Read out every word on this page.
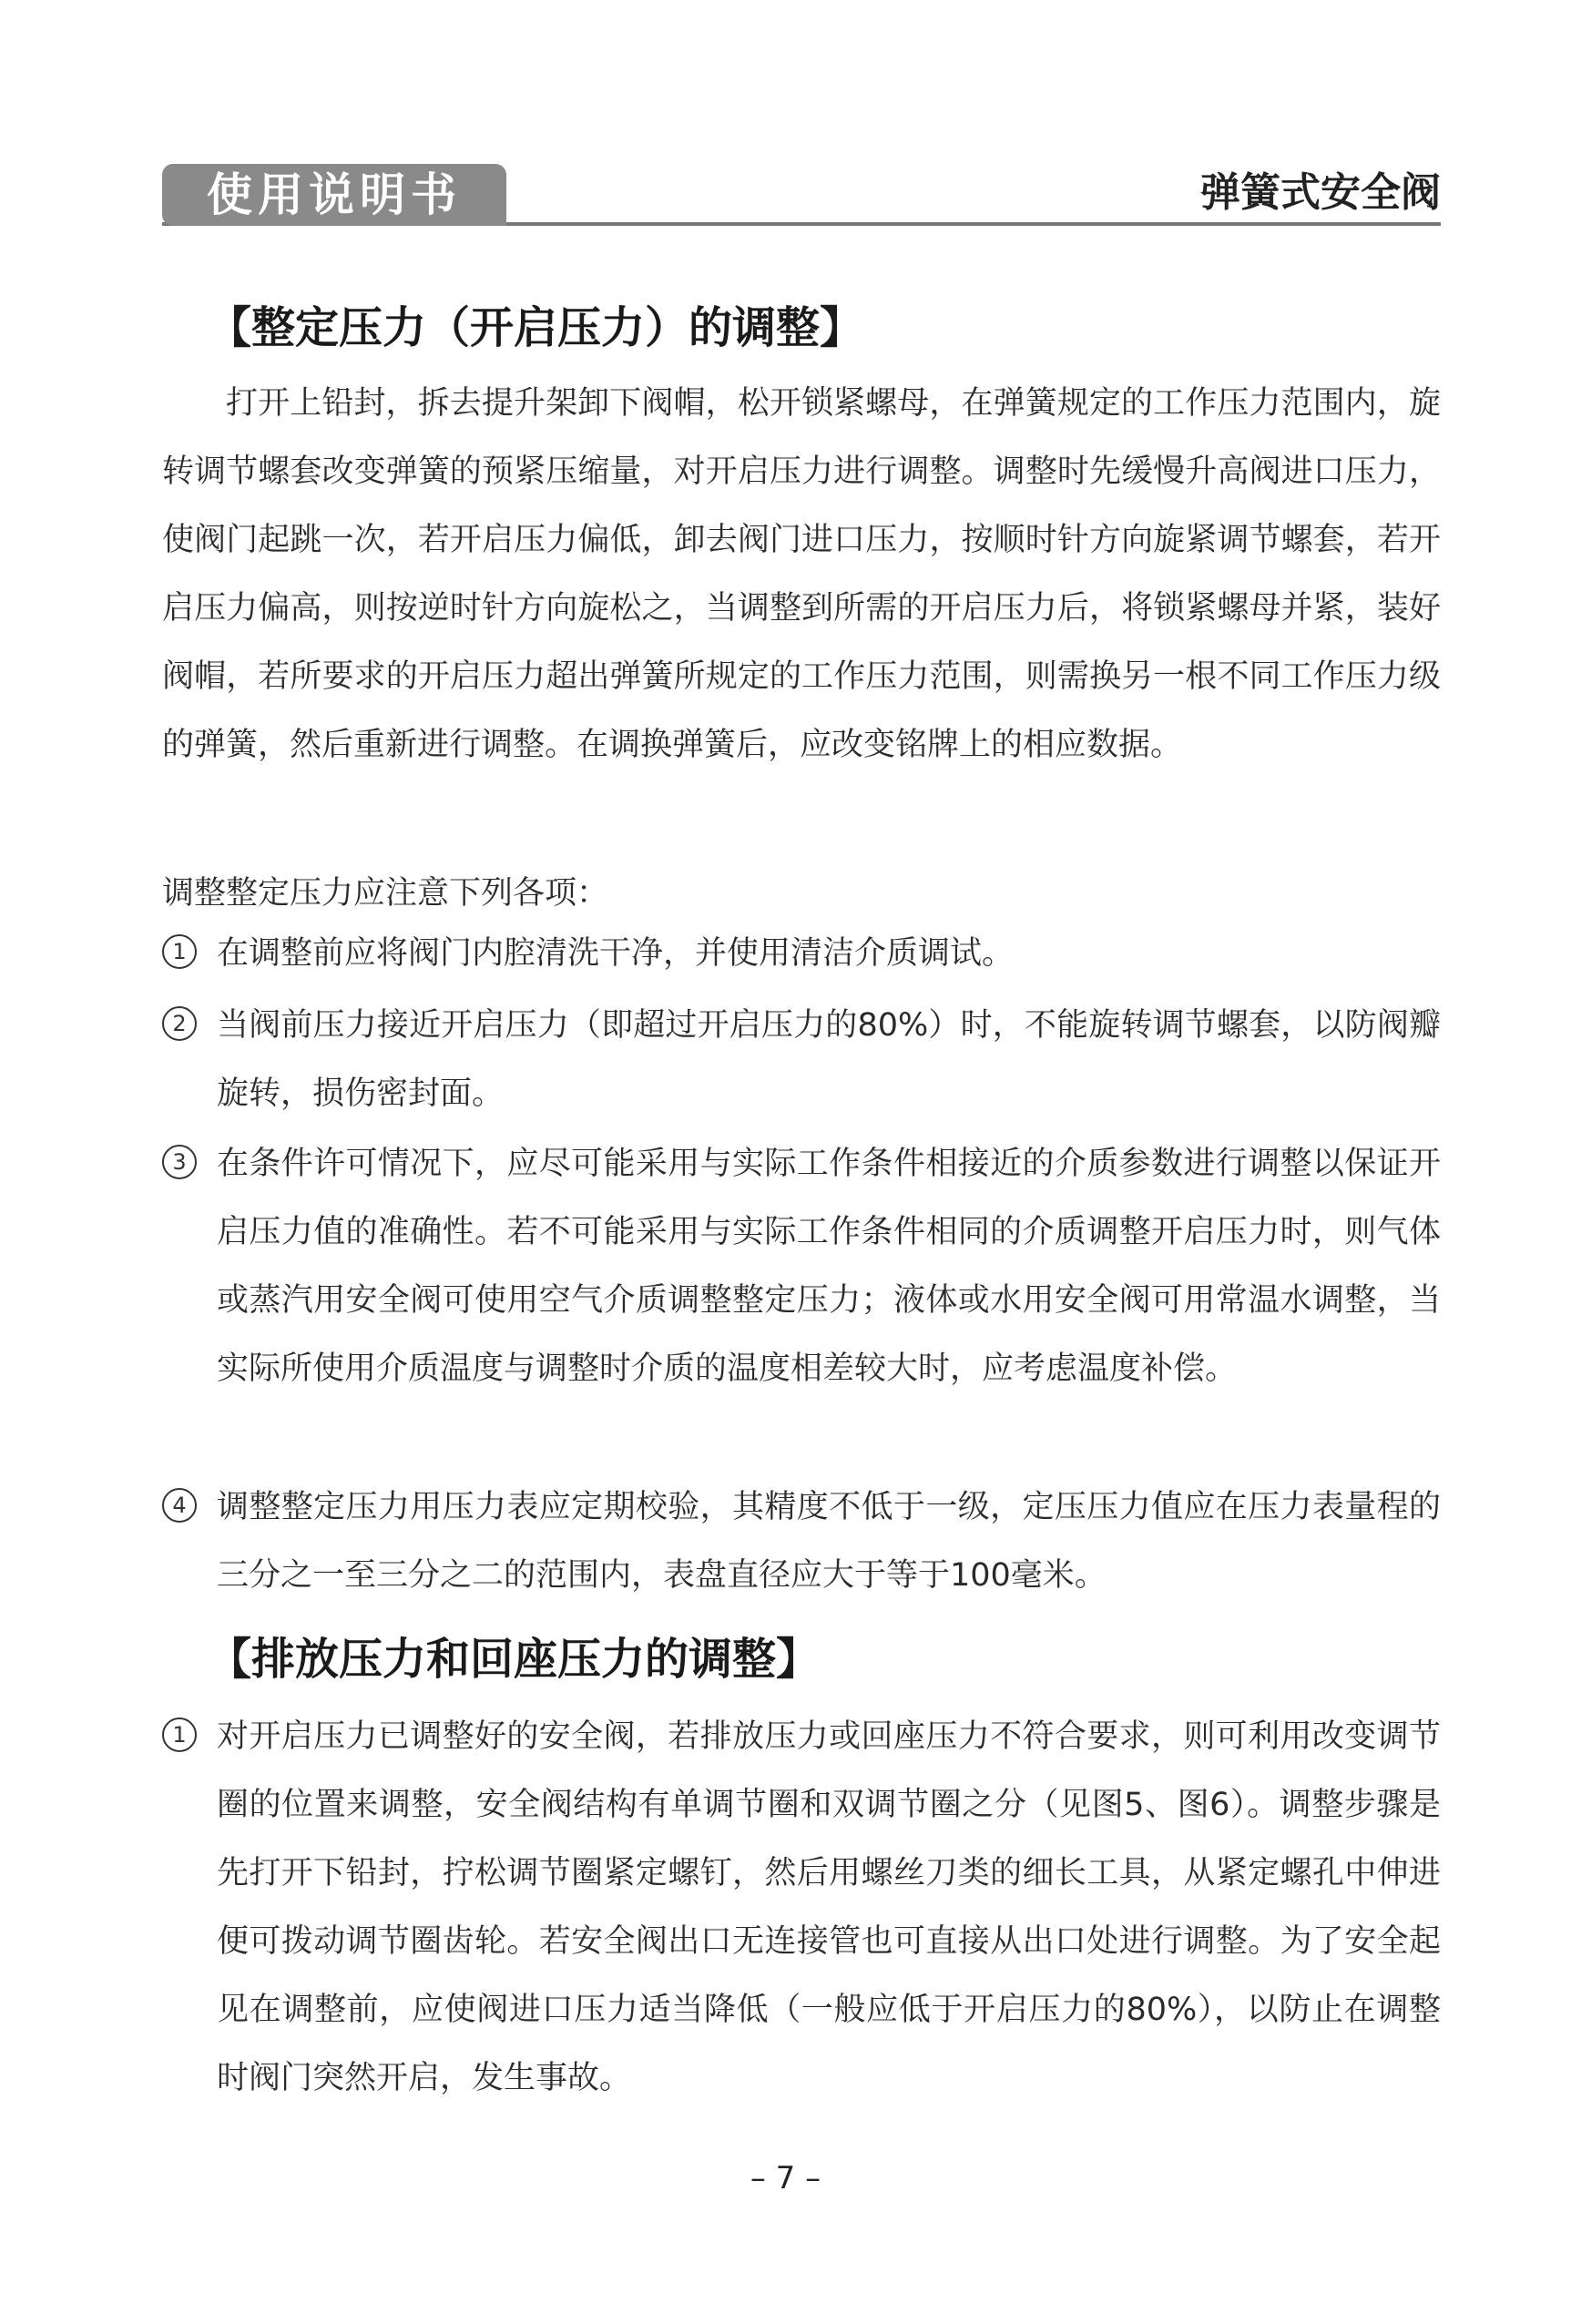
使用说明书	弹簧式安全阀
【整定压力（开启压力）的调整】
打开上铅封，拆去提升架卸下阀帽，松开锁紧螺母，在弹簧规定的工作压力范围内，旋转调节螺套改变弹簧的预紧压缩量，对开启压力进行调整。调整时先缓慢升高阀进口压力，使阀门起跳一次，若开启压力偏低，卸去阀门进口压力，按顺时针方向旋紧调节螺套，若开启压力偏高，则按逆时针方向旋松之，当调整到所需的开启压力后，将锁紧螺母并紧，装好阀帽，若所要求的开启压力超出弹簧所规定的工作压力范围，则需换另一根不同工作压力级的弹簧，然后重新进行调整。在调换弹簧后，应改变铭牌上的相应数据。
调整整定压力应注意下列各项：
1 在调整前应将阀门内腔清洗干净，并使用清洁介质调试。
2 当阀前压力接近开启压力（即超过开启压力的80%）时，不能旋转调节螺套，以防阀瓣旋转，损伤密封面。
3 在条件许可情况下，应尽可能采用与实际工作条件相接近的介质参数进行调整以保证开启压力值的准确性。若不可能采用与实际工作条件相同的介质调整开启压力时，则气体或蒸汽用安全阀可使用空气介质调整整定压力；液体或水用安全阀可用常温水调整，当实际所使用介质温度与调整时介质的温度相差较大时，应考虑温度补偿。
4 调整整定压力用压力表应定期校验，其精度不低于一级，定压压力值应在压力表量程的三分之一至三分之二的范围内，表盘直径应大于等于100毫米。
【排放压力和回座压力的调整】
1 对开启压力已调整好的安全阀，若排放压力或回座压力不符合要求，则可利用改变调节圈的位置来调整，安全阀结构有单调节圈和双调节圈之分（见图5、图6）。调整步骤是先打开下铅封，拧松调节圈紧定螺钉，然后用螺丝刀类的细长工具，从紧定螺孔中伸进便可拨动调节圈齿轮。若安全阀出口无连接管也可直接从出口处进行调整。为了安全起见在调整前，应使阀进口压力适当降低（一般应低于开启压力的80%），以防止在调整时阀门突然开启，发生事故。
– 7 –
